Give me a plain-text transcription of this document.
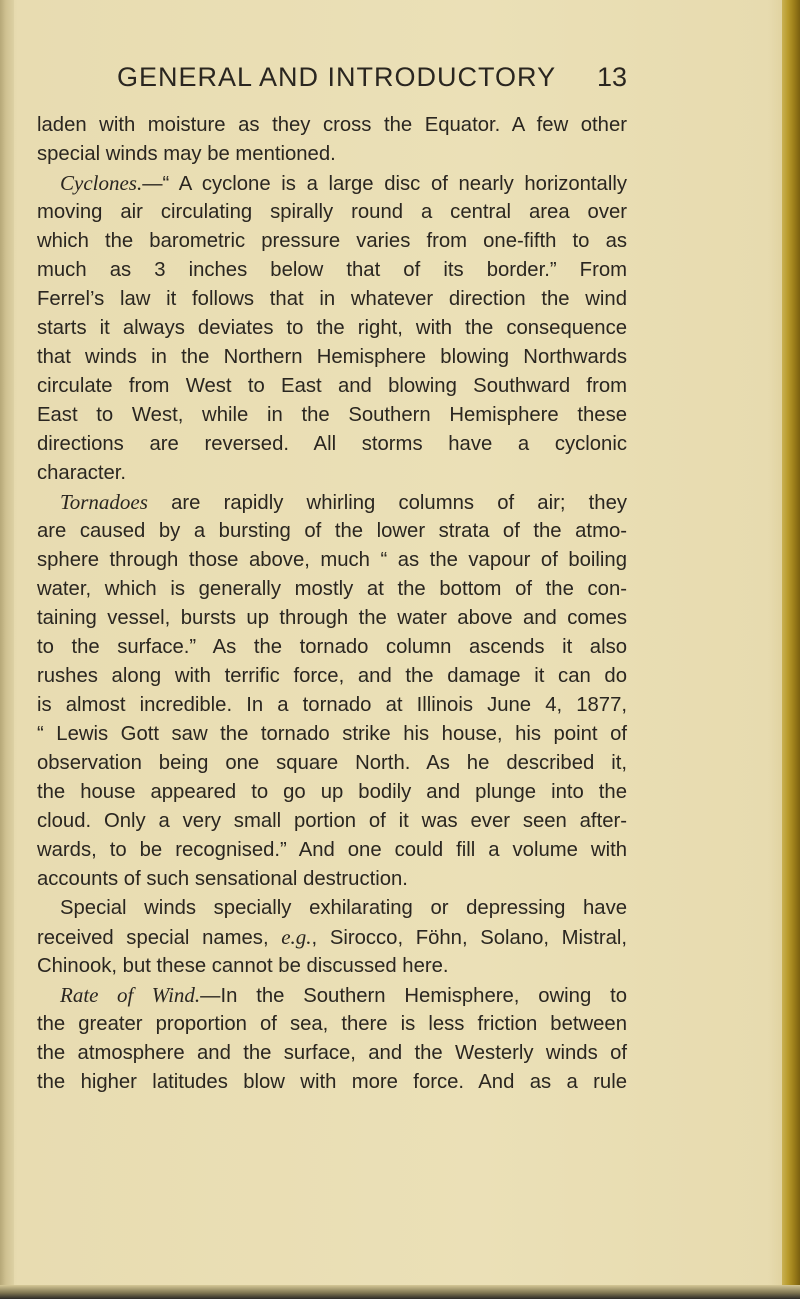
GENERAL AND INTRODUCTORY 13
laden with moisture as they cross the Equator. A few other
special winds may be mentioned.
Cyclones.—“ A cyclone is a large disc of nearly horizontally
moving air circulating spirally round a central area over
which the barometric pressure varies from one-fifth to as
much as 3 inches below that of its border.” From
Ferrel’s law it follows that in whatever direction the wind
starts it always deviates to the right, with the consequence
that winds in the Northern Hemisphere blowing Northwards
circulate from West to East and blowing Southward from
East to West, while in the Southern Hemisphere these
directions are reversed. All storms have a cyclonic
character.
Tornadoes are rapidly whirling columns of air; they
are caused by a bursting of the lower strata of the atmo-
sphere through those above, much “ as the vapour of boiling
water, which is generally mostly at the bottom of the con-
taining vessel, bursts up through the water above and comes
to the surface.” As the tornado column ascends it also
rushes along with terrific force, and the damage it can do
is almost incredible. In a tornado at Illinois June 4, 1877,
“ Lewis Gott saw the tornado strike his house, his point of
observation being one square North. As he described it,
the house appeared to go up bodily and plunge into the
cloud. Only a very small portion of it was ever seen after-
wards, to be recognised.” And one could fill a volume with
accounts of such sensational destruction.
Special winds specially exhilarating or depressing have
received special names, e.g., Sirocco, Föhn, Solano, Mistral,
Chinook, but these cannot be discussed here.
Rate of Wind.—In the Southern Hemisphere, owing to
the greater proportion of sea, there is less friction between
the atmosphere and the surface, and the Westerly winds of
the higher latitudes blow with more force. And as a rule
